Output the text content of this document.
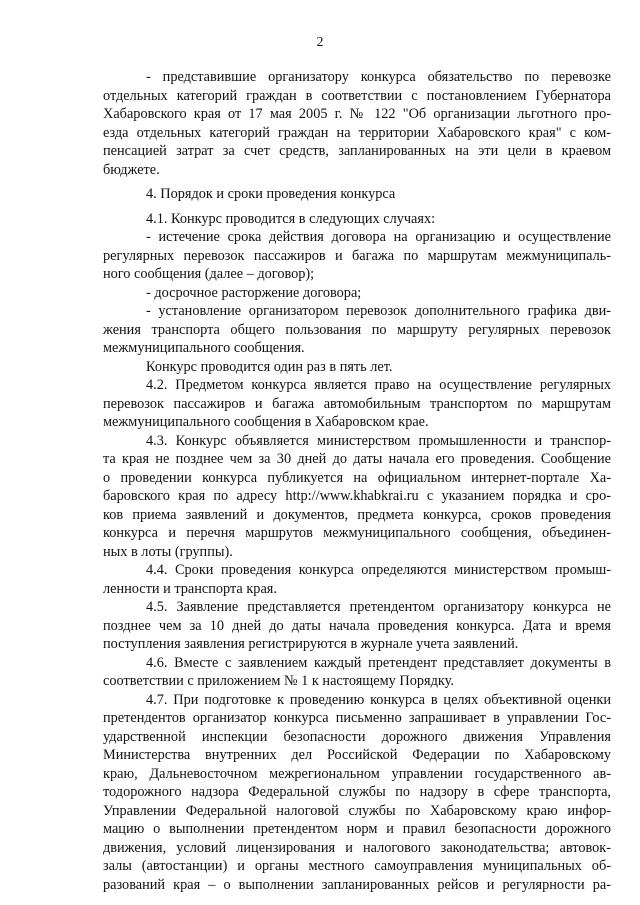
2
- представившие организатору конкурса обязательство по перевозке
отдельных категорий граждан в соответствии с постановлением Губернатора
Хабаровского края от 17 мая 2005 г. № 122 "Об организации льготного про-
езда отдельных категорий граждан на территории Хабаровского края" с ком-
пенсацией затрат за счет средств, запланированных на эти цели в краевом
бюджете.
4. Порядок и сроки проведения конкурса
4.1. Конкурс проводится в следующих случаях:
- истечение срока действия договора на организацию и осуществление
регулярных перевозок пассажиров и багажа по маршрутам межмуниципаль-
ного сообщения (далее – договор);
- досрочное расторжение договора;
- установление организатором перевозок дополнительного графика дви-
жения транспорта общего пользования по маршруту регулярных перевозок
межмуниципального сообщения.
Конкурс проводится один раз в пять лет.
4.2. Предметом конкурса является право на осуществление регулярных
перевозок пассажиров и багажа автомобильным транспортом по маршрутам
межмуниципального сообщения в Хабаровском крае.
4.3. Конкурс объявляется министерством промышленности и транспор-
та края не позднее чем за 30 дней до даты начала его проведения. Сообщение
о проведении конкурса публикуется на официальном интернет-портале Ха-
баровского края по адресу http://www.khabkrai.ru с указанием порядка и сро-
ков приема заявлений и документов, предмета конкурса, сроков проведения
конкурса и перечня маршрутов межмуниципального сообщения, объединен-
ных в лоты (группы).
4.4. Сроки проведения конкурса определяются министерством промыш-
ленности и транспорта края.
4.5. Заявление представляется претендентом организатору конкурса не
позднее чем за 10 дней до даты начала проведения конкурса. Дата и время
поступления заявления регистрируются в журнале учета заявлений.
4.6. Вместе с заявлением каждый претендент представляет документы в
соответствии с приложением № 1 к настоящему Порядку.
4.7. При подготовке к проведению конкурса в целях объективной оценки
претендентов организатор конкурса письменно запрашивает в управлении Гос-
ударственной инспекции безопасности дорожного движения Управления
Министерства внутренних дел Российской Федерации по Хабаровскому
краю, Дальневосточном межрегиональном управлении государственного ав-
тодорожного надзора Федеральной службы по надзору в сфере транспорта,
Управлении Федеральной налоговой службы по Хабаровскому краю инфор-
мацию о выполнении претендентом норм и правил безопасности дорожного
движения, условий лицензирования и налогового законодательства; автовок-
залы (автостанции) и органы местного самоуправления муниципальных об-
разований края – о выполнении запланированных рейсов и регулярности ра-
